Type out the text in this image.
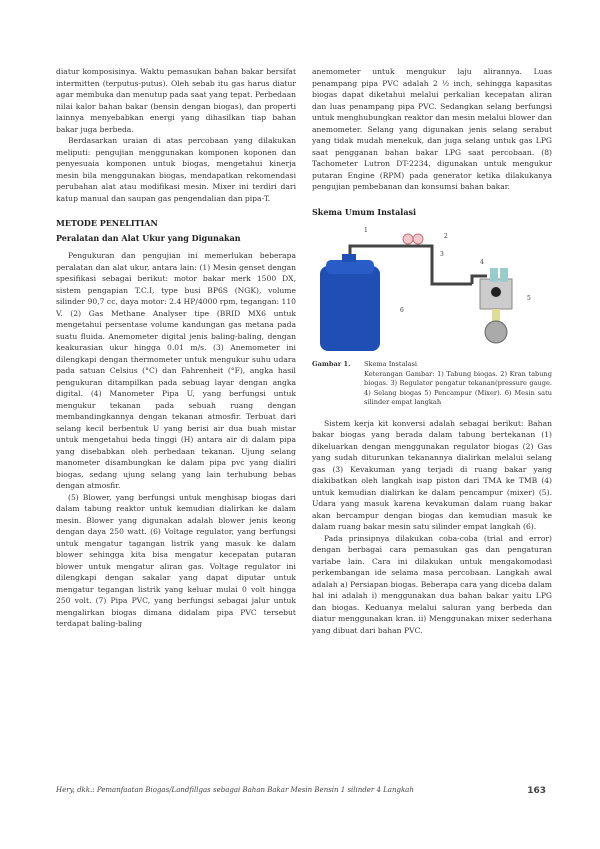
diatur komposisinya. Waktu pemasukan bahan bakar bersifat intermitten (terputus-putus). Oleh sebab itu gas harus diatur agar membuka dan menutup pada saat yang tepat. Perbedaan nilai kalor bahan bakar (bensin dengan biogas), dan properti lainnya menyebabkan energi yang dihasilkan tiap bahan bakar juga berbeda.

Berdasarkan uraian di atas percobaan yang dilakukan meliputi: pengujian menggunakan komponen koponen dan penyesuaia komponen untuk biogas, mengetahui kinerja mesin bila menggunakan biogas, mendapatkan rekomendasi perubahan alat atau modifikasi mesin. Mixer ini terdiri dari katup manual dan saupan gas pengendalian dan pipa-T.

METODE PENELITIAN
Peralatan dan Alat Ukur yang Digunakan

Pengukuran dan pengujian ini memerlukan beberapa peralatan dan alat ukur, antara lain: (1) Mesin genset dengan spesifikasi sebagai berikut: motor bakar merk 1500 DX, sistem pengapian T.C.I, type busi BP6S (NGK), volume silinder 90,7 cc, daya motor: 2.4 HP/4000 rpm, tegangan: 110 V. (2) Gas Methane Analyser tipe (BRID MX6 untuk mengetahui persentase volume kandungan gas metana pada suatu fluida. Anemometer digital jenis baling-baling, dengan keakurasian ukur hingga 0.01 m/s. (3) Anemometer ini dilengkapi dengan thermometer untuk mengukur suhu udara pada satuan Celsius (°C) dan Fahrenheit (°F), angka hasil pengukuran ditampilkan pada sebuag layar dengan angka digital. (4) Manometer Pipa U, yang berfungsi untuk mengukur tekanan pada sebuah ruang dengan membandingkannya dengan tekanan atmosfir. Terbuat dari selang kecil berbentuk U yang berisi air dua buah mistar untuk mengetahui beda tinggi (H) antara air di dalam pipa yang disebabkan oleh perbedaan tekanan. Ujung selang manometer disambungkan ke dalam pipa pvc yang dialiri biogas, sedang ujung selang yang lain terhubung bebas dengan atmosfir.

(5) Blower, yang berfungsi untuk menghisap biogas dari dalam tabung reaktor untuk kemudian dialirkan ke dalam mesin. Blower yang digunakan adalah blower jenis keong dengan daya 250 watt. (6) Voltage regulator, yang berfungsi untuk mengatur tagangan listrik yang masuk ke dalam blower sehingga kita bisa mengatur kecepatan putaran blower untuk mengatur aliran gas. Voltage regulator ini dilengkapi dengan sakalar yang dapat diputar untuk mengatur tegangan listrik yang keluar mulai 0 volt hingga 250 volt. (7) Pipa PVC, yang berfungsi sebagai jalur untuk mengalirkan biogas dimana didalam pipa PVC tersebut terdapat baling-baling

anemometer untuk mengukur laju alirannya. Luas penampang pipa PVC adalah 2 ½ inch, sehingga kapasitas biogas dapat diketahui melalui perkalian kecepatan aliran dan luas penampang pipa PVC. Sedangkan selang berfungsi untuk menghubungkan reaktor dan mesin melalui blower dan anemometer. Selang yang digunakan jenis selang serabut yang tidak mudah menekuk, dan juga selang untuk gas LPG saat pengganan bahan bakar LPG saat percobaan. (8) Tachometer Lutron DT-2234, digunakan untuk mengukur putaran Engine (RPM) pada generator ketika dilakukanya pengujian pembebanan dan konsumsi bahan bakar.

Skema Umum Instalasi
1
2
3
4
5
6
Gambar 1.	Skema Instalasi
Keterangan Gambar: 1) Tabung biogas. 2) Kran tabung biogas. 3) Regulator pengatur tekanan(pressure gauge. 4) Selang biogas 5) Pencampur (Mixer). 6) Mesin satu silinder empat langkah

Sistem kerja kit konversi adalah sebagai berikut: Bahan bakar biogas yang berada dalam tabung bertekanan (1) dikeluarkan dengan menggunakan regulator biogas (2) Gas yang sudah diturunkan tekanannya dialirkan melalui selang gas (3) Kevakuman yang terjadi di ruang bakar yang diakibatkan oleh langkah isap piston dari TMA ke TMB (4) untuk kemudian dialirkan ke dalam pencampur (mixer) (5). Udara yang masuk karena kevakuman dalam ruang bakar akan bercampur dengan biogas dan kemudian masuk ke dalam ruang bakar mesin satu silinder empat langkah (6).

Pada prinsipnya dilakukan coba-coba (trial and error) dengan berbagai cara pemasukan gas dan pengaturan variabe lain. Cara ini dilakukan untuk mengakomodasi perkembangan ide selama masa percobaan. Langkah awal adalah a) Persiapan biogas. Beberapa cara yang diceba dalam hal ini adalah i) menggunakan dua bahan bakar yaitu LPG dan biogas. Keduanya melalui saluran yang berbeda dan diatur menggunakan kran. ii) Menggunakan mixer sederhana yang dibuat dari bahan PVC.

Hery, dkk.: Pemanfaatan Biogas/Landfillgas sebagai Bahan Bakar Mesin Bensin 1 silinder 4 Langkah	163
